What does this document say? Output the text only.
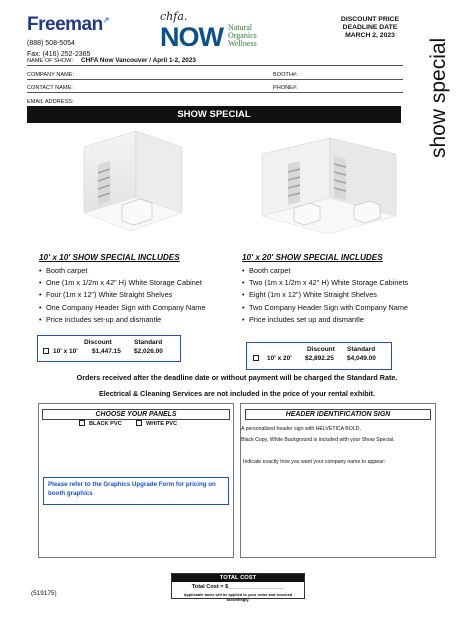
Freeman↗
(888) 508-5054
Fax: (416) 252-2365
chfa.
NOW Natural
Organics
Wellness
DISCOUNT PRICE
DEADLINE DATE
MARCH 2, 2023
show special
NAME OF SHOW: CHFA Now Vancouver / April 1-2, 2023
COMPANY NAME:	BOOTH#:
CONTACT NAME:	PHONE#:
EMAIL ADDRESS:
SHOW SPECIAL
10' x 10' SHOW SPECIAL INCLUDES
• Booth carpet
• One (1m x 1/2m x 42" H) White Storage Cabinet
• Four (1m x 12") White Straight Shelves
• One Company Header Sign with Company Name
• Price includes set-up and dismantle
Discount	Standard
10' x 10' $1,447.15 $2,026.00
10' x 20' SHOW SPECIAL INCLUDES
• Booth carpet
• Two (1m x 1/2m x 42" H) White Storage Cabinets
• Eight (1m x 12") White Straight Shelves
• Two Company Header Sign with Company Name
• Price includes set up and dismantle
Discount Standard
10' x 20' $2,892.25 $4,049.00
Orders received after the deadline date or without payment will be charged the Standard Rate.
Electrical & Cleaning Services are not included in the price of your rental exhibit.
CHOOSE YOUR PANELS
BLACK PVC	WHITE PVC
Please refer to the Graphics Upgrade Form for pricing on booth graphics
HEADER IDENTIFICATION SIGN
A personalized header sign with HELVETICA BOLD,
Black Copy, White Background is included with your Show Special.
Indicate exactly how you want your company name to appear:
TOTAL COST
Total Cost = $__________________
Applicable taxes will be applied to your order and invoiced accordingly.
(519175)
